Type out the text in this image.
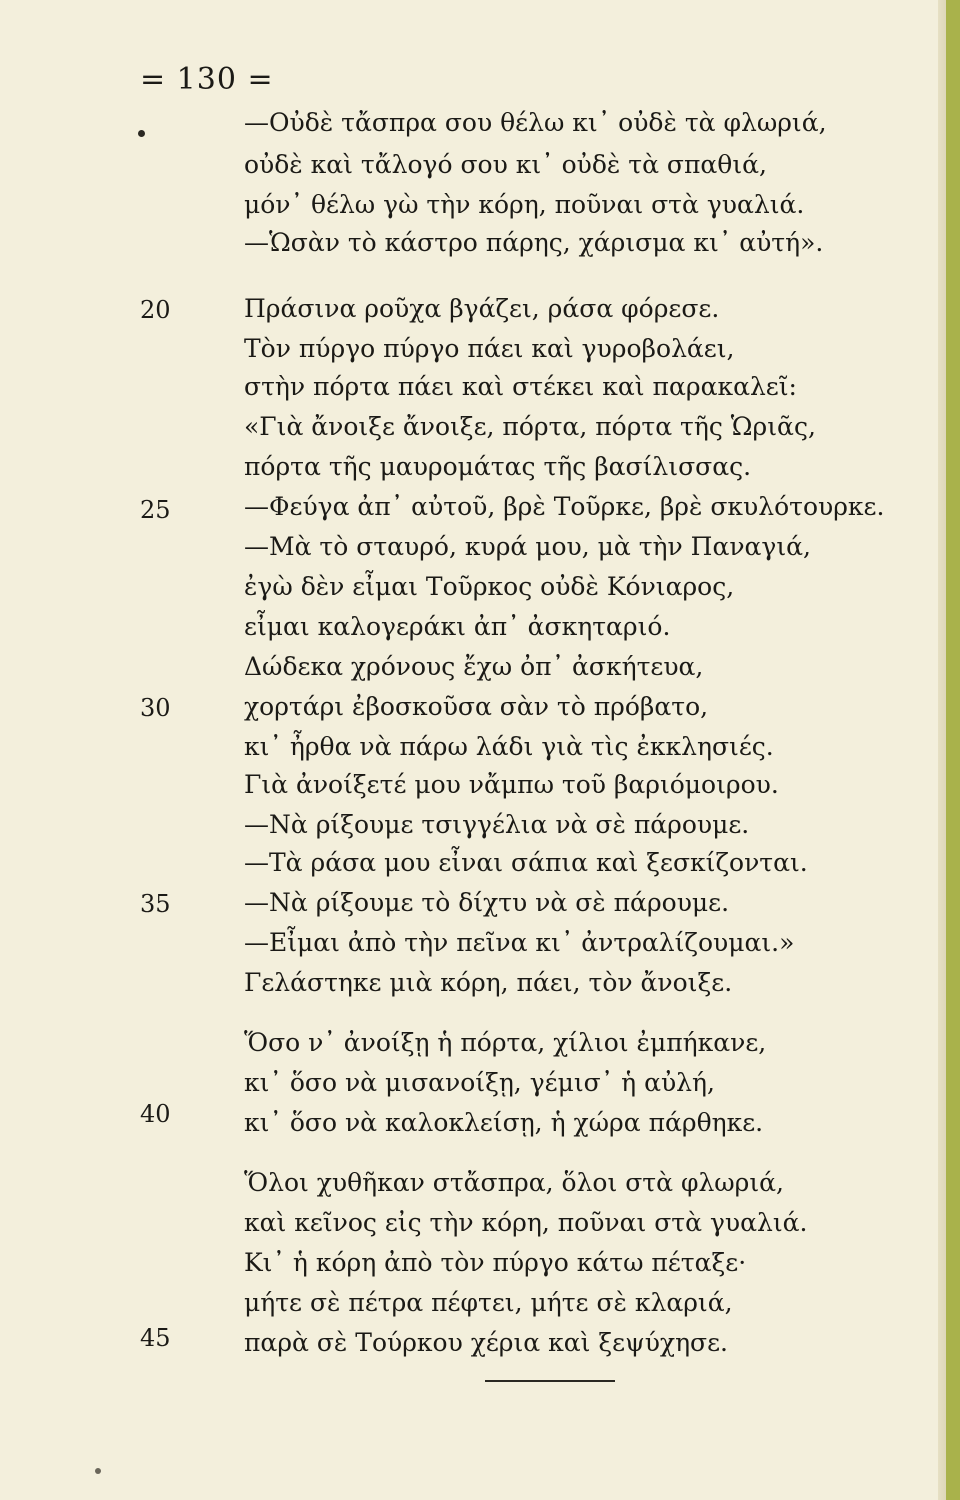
= 130 =
—Οὐδὲ τἄσπρα σου θέλω κι᾿ οὐδὲ τὰ φλωριά,
οὐδὲ καὶ τἄλογό σου κι᾿ οὐδὲ τὰ σπαθιά,
μόν᾿ θέλω γὼ τὴν κόρη, ποῦναι στὰ γυαλιά.
—Ὡσὰν τὸ κάστρο πάρης, χάρισμα κι᾿ αὐτή».
Πράσινα ροῦχα βγάζει, ράσα φόρεσε.
Τὸν πύργο πύργο πάει καὶ γυροβολάει,
στὴν πόρτα πάει καὶ στέκει καὶ παρακαλεῖ:
«Γιὰ ἄνοιξε ἄνοιξε, πόρτα, πόρτα τῆς Ὡριᾶς,
πόρτα τῆς μαυρομάτας τῆς βασίλισσας.
—Φεύγα ἀπ᾿ αὐτοῦ, βρὲ Τοῦρκε, βρὲ σκυλότουρκε.
—Μὰ τὸ σταυρό, κυρά μου, μὰ τὴν Παναγιά,
ἐγὼ δὲν εἶμαι Τοῦρκος οὐδὲ Κόνιαρος,
εἶμαι καλογεράκι ἀπ᾿ ἀσκηταριό.
Δώδεκα χρόνους ἔχω ὀπ᾿ ἀσκήτευα,
χορτάρι ἐβοσκοῦσα σὰν τὸ πρόβατο,
κι᾿ ἦρθα νὰ πάρω λάδι γιὰ τὶς ἐκκλησιές.
Γιὰ ἀνοίξετέ μου νἄμπω τοῦ βαριόμοιρου.
—Νὰ ρίξουμε τσιγγέλια νὰ σὲ πάρουμε.
—Τὰ ράσα μου εἶναι σάπια καὶ ξεσκίζονται.
—Νὰ ρίξουμε τὸ δίχτυ νὰ σὲ πάρουμε.
—Εἶμαι ἀπὸ τὴν πεῖνα κι᾿ ἀντραλίζουμαι.»
Γελάστηκε μιὰ κόρη, πάει, τὸν ἄνοιξε.
Ὅσο ν᾿ ἀνοίξῃ ἡ πόρτα, χίλιοι ἐμπήκανε,
κι᾿ ὅσο νὰ μισανοίξῃ, γέμισ᾿ ἡ αὐλή,
κι᾿ ὅσο νὰ καλοκλείσῃ, ἡ χώρα πάρθηκε.
Ὅλοι χυθῆκαν στἄσπρα, ὅλοι στὰ φλωριά,
καὶ κεῖνος εἰς τὴν κόρη, ποῦναι στὰ γυαλιά.
Κι᾿ ἡ κόρη ἀπὸ τὸν πύργο κάτω πέταξε·
μήτε σὲ πέτρα πέφτει, μήτε σὲ κλαριά,
παρὰ σὲ Τούρκου χέρια καὶ ξεψύχησε.
20
25
30
35
40
45
